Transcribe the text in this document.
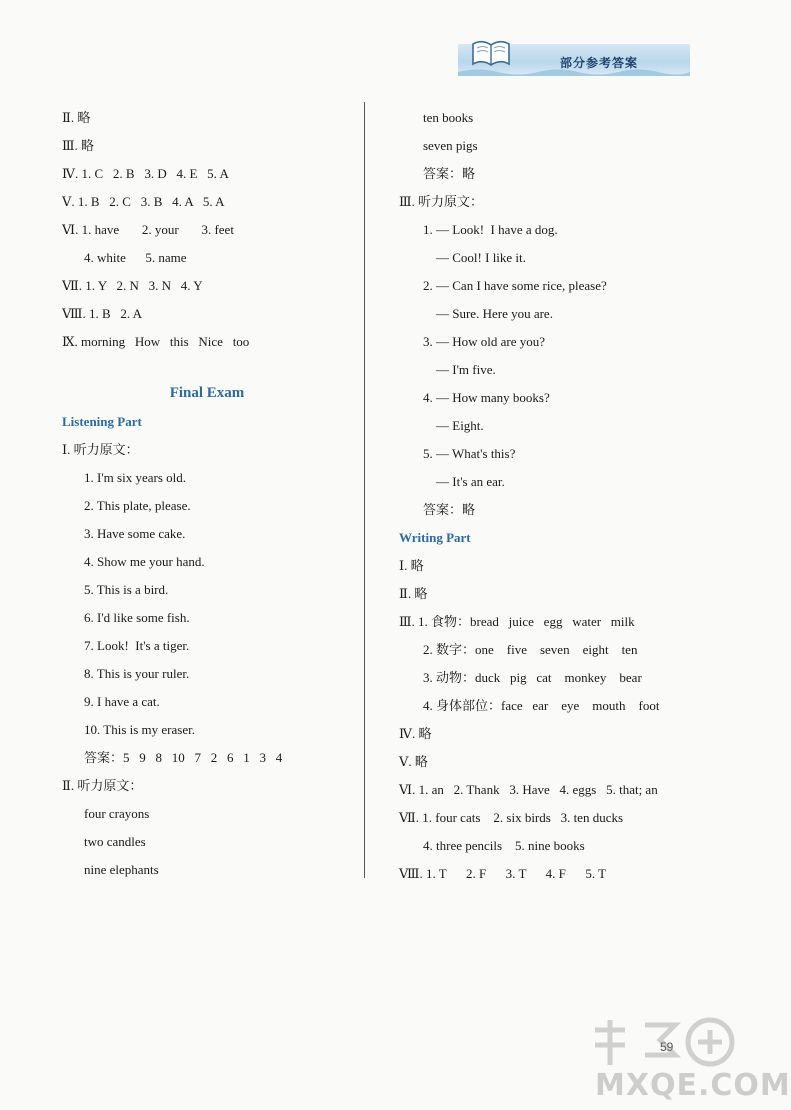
部分参考答案
Ⅱ. 略
Ⅲ. 略
Ⅳ. 1. C   2. B   3. D   4. E   5. A
Ⅴ. 1. B   2. C   3. B   4. A   5. A
Ⅵ. 1. have       2. your       3. feet
4. white      5. name
Ⅶ. 1. Y   2. N   3. N   4. Y
Ⅷ. 1. B   2. A
Ⅸ. morning   How   this   Nice   too
Final Exam
Listening Part
Ⅰ. 听力原文：
1. I'm six years old.
2. This plate, please.
3. Have some cake.
4. Show me your hand.
5. This is a bird.
6. I'd like some fish.
7. Look!  It's a tiger.
8. This is your ruler.
9. I have a cat.
10. This is my eraser.
答案：5   9   8   10   7   2   6   1   3   4
Ⅱ. 听力原文：
four crayons
two candles
nine elephants
ten books
seven pigs
答案：略
Ⅲ. 听力原文：
1. — Look!  I have a dog.
— Cool! I like it.
2. — Can I have some rice, please?
— Sure. Here you are.
3. — How old are you?
— I'm five.
4. — How many books?
— Eight.
5. — What's this?
— It's an ear.
答案：略
Writing Part
Ⅰ. 略
Ⅱ. 略
Ⅲ. 1. 食物：bread   juice   egg   water   milk
2. 数字：one    five    seven    eight    ten
3. 动物：duck   pig   cat    monkey    bear
4. 身体部位：face   ear    eye    mouth    foot
Ⅳ. 略
Ⅴ. 略
Ⅵ. 1. an   2. Thank   3. Have   4. eggs   5. that; an
Ⅶ. 1. four cats    2. six birds   3. ten ducks
4. three pencils    5. nine books
Ⅷ. 1. T      2. F      3. T      4. F      5. T
59
MXQE.COM
